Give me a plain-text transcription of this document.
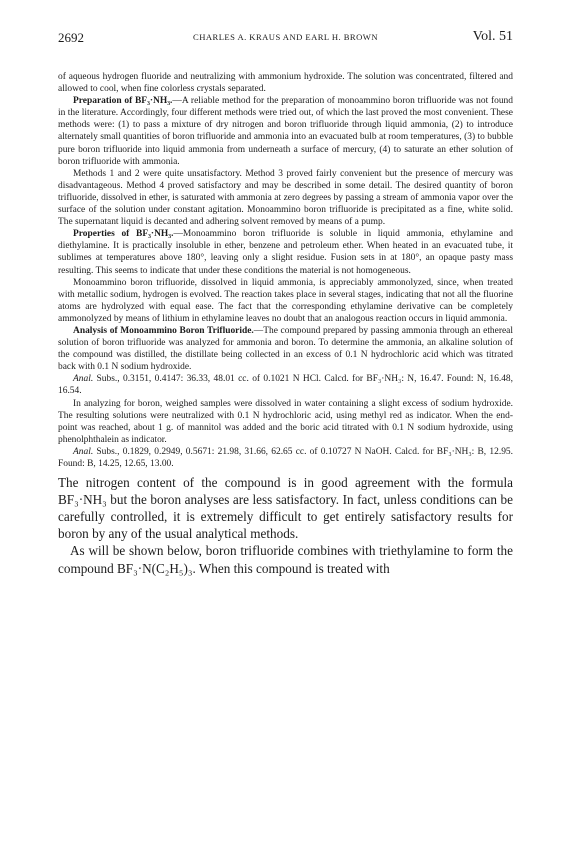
2692	CHARLES A. KRAUS AND EARL H. BROWN	Vol. 51

of aqueous hydrogen fluoride and neutralizing with ammonium hydroxide. The solution was concentrated, filtered and allowed to cool, when fine colorless crystals separated.

Preparation of BF₃·NH₃.—A reliable method for the preparation of monoammino boron trifluoride was not found in the literature. Accordingly, four different methods were tried out, of which the last proved the most convenient. These methods were: (1) to pass a mixture of dry nitrogen and boron trifluoride through liquid ammonia, (2) to introduce alternately small quantities of boron trifluoride and ammonia into an evacuated bulb at room temperatures, (3) to bubble pure boron trifluoride into liquid ammonia from underneath a surface of mercury, (4) to saturate an ether solution of boron trifluoride with ammonia.

Methods 1 and 2 were quite unsatisfactory. Method 3 proved fairly convenient but the presence of mercury was disadvantageous. Method 4 proved satisfactory and may be described in some detail. The desired quantity of boron trifluoride, dissolved in ether, is saturated with ammonia at zero degrees by passing a stream of ammonia vapor over the surface of the solution under constant agitation. Monoammino boron trifluoride is precipitated as a fine, white solid. The supernatant liquid is decanted and adhering solvent removed by means of a pump.

Properties of BF₃·NH₃.—Monoammino boron trifluoride is soluble in liquid ammonia, ethylamine and diethylamine. It is practically insoluble in ether, benzene and petroleum ether. When heated in an evacuated tube, it sublimes at temperatures above 180°, leaving only a slight residue. Fusion sets in at 180°, an opaque pasty mass resulting. This seems to indicate that under these conditions the material is not homogeneous.

Monoammino boron trifluoride, dissolved in liquid ammonia, is appreciably ammonolyzed, since, when treated with metallic sodium, hydrogen is evolved. The reaction takes place in several stages, indicating that not all the fluorine atoms are hydrolyzed with equal ease. The fact that the corresponding ethylamine derivative can be completely ammonolyzed by means of lithium in ethylamine leaves no doubt that an analogous reaction occurs in liquid ammonia.

Analysis of Monoammino Boron Trifluoride.—The compound prepared by passing ammonia through an ethereal solution of boron trifluoride was analyzed for ammonia and boron. To determine the ammonia, an alkaline solution of the compound was distilled, the distillate being collected in an excess of 0.1 N hydrochloric acid which was titrated back with 0.1 N sodium hydroxide.

Anal. Subs., 0.3151, 0.4147: 36.33, 48.01 cc. of 0.1021 N HCl. Calcd. for BF₃·NH₃: N, 16.47. Found: N, 16.48, 16.54.

In analyzing for boron, weighed samples were dissolved in water containing a slight excess of sodium hydroxide. The resulting solutions were neutralized with 0.1 N hydrochloric acid, using methyl red as indicator. When the end-point was reached, about 1 g. of mannitol was added and the boric acid titrated with 0.1 N sodium hydroxide, using phenolphthalein as indicator.

Anal. Subs., 0.1829, 0.2949, 0.5671: 21.98, 31.66, 62.65 cc. of 0.10727 N NaOH. Calcd. for BF₃·NH₃: B, 12.95. Found: B, 14.25, 12.65, 13.00.

The nitrogen content of the compound is in good agreement with the formula BF₃·NH₃ but the boron analyses are less satisfactory. In fact, unless conditions can be carefully controlled, it is extremely difficult to get entirely satisfactory results for boron by any of the usual analytical methods.

As will be shown below, boron trifluoride combines with triethylamine to form the compound BF₃·N(C₂H₅)₃. When this compound is treated with
